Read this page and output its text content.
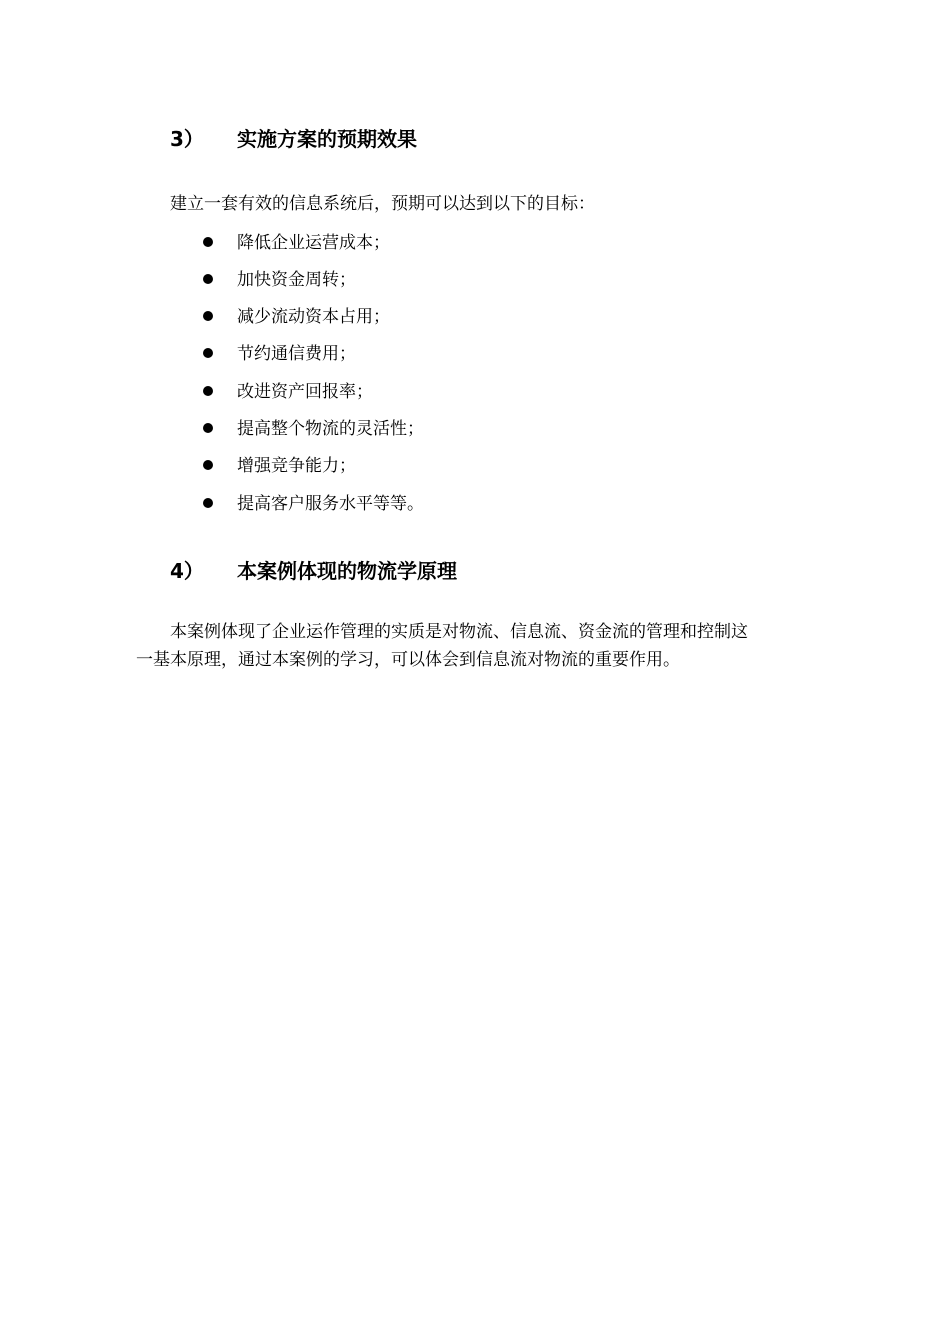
3） 实施方案的预期效果
建立一套有效的信息系统后，预期可以达到以下的目标：
降低企业运营成本；
加快资金周转；
减少流动资本占用；
节约通信费用；
改进资产回报率；
提高整个物流的灵活性；
增强竞争能力；
提高客户服务水平等等。
4） 本案例体现的物流学原理

本案例体现了企业运作管理的实质是对物流、信息流、资金流的管理和控制这

一基本原理，通过本案例的学习，可以体会到信息流对物流的重要作用。
